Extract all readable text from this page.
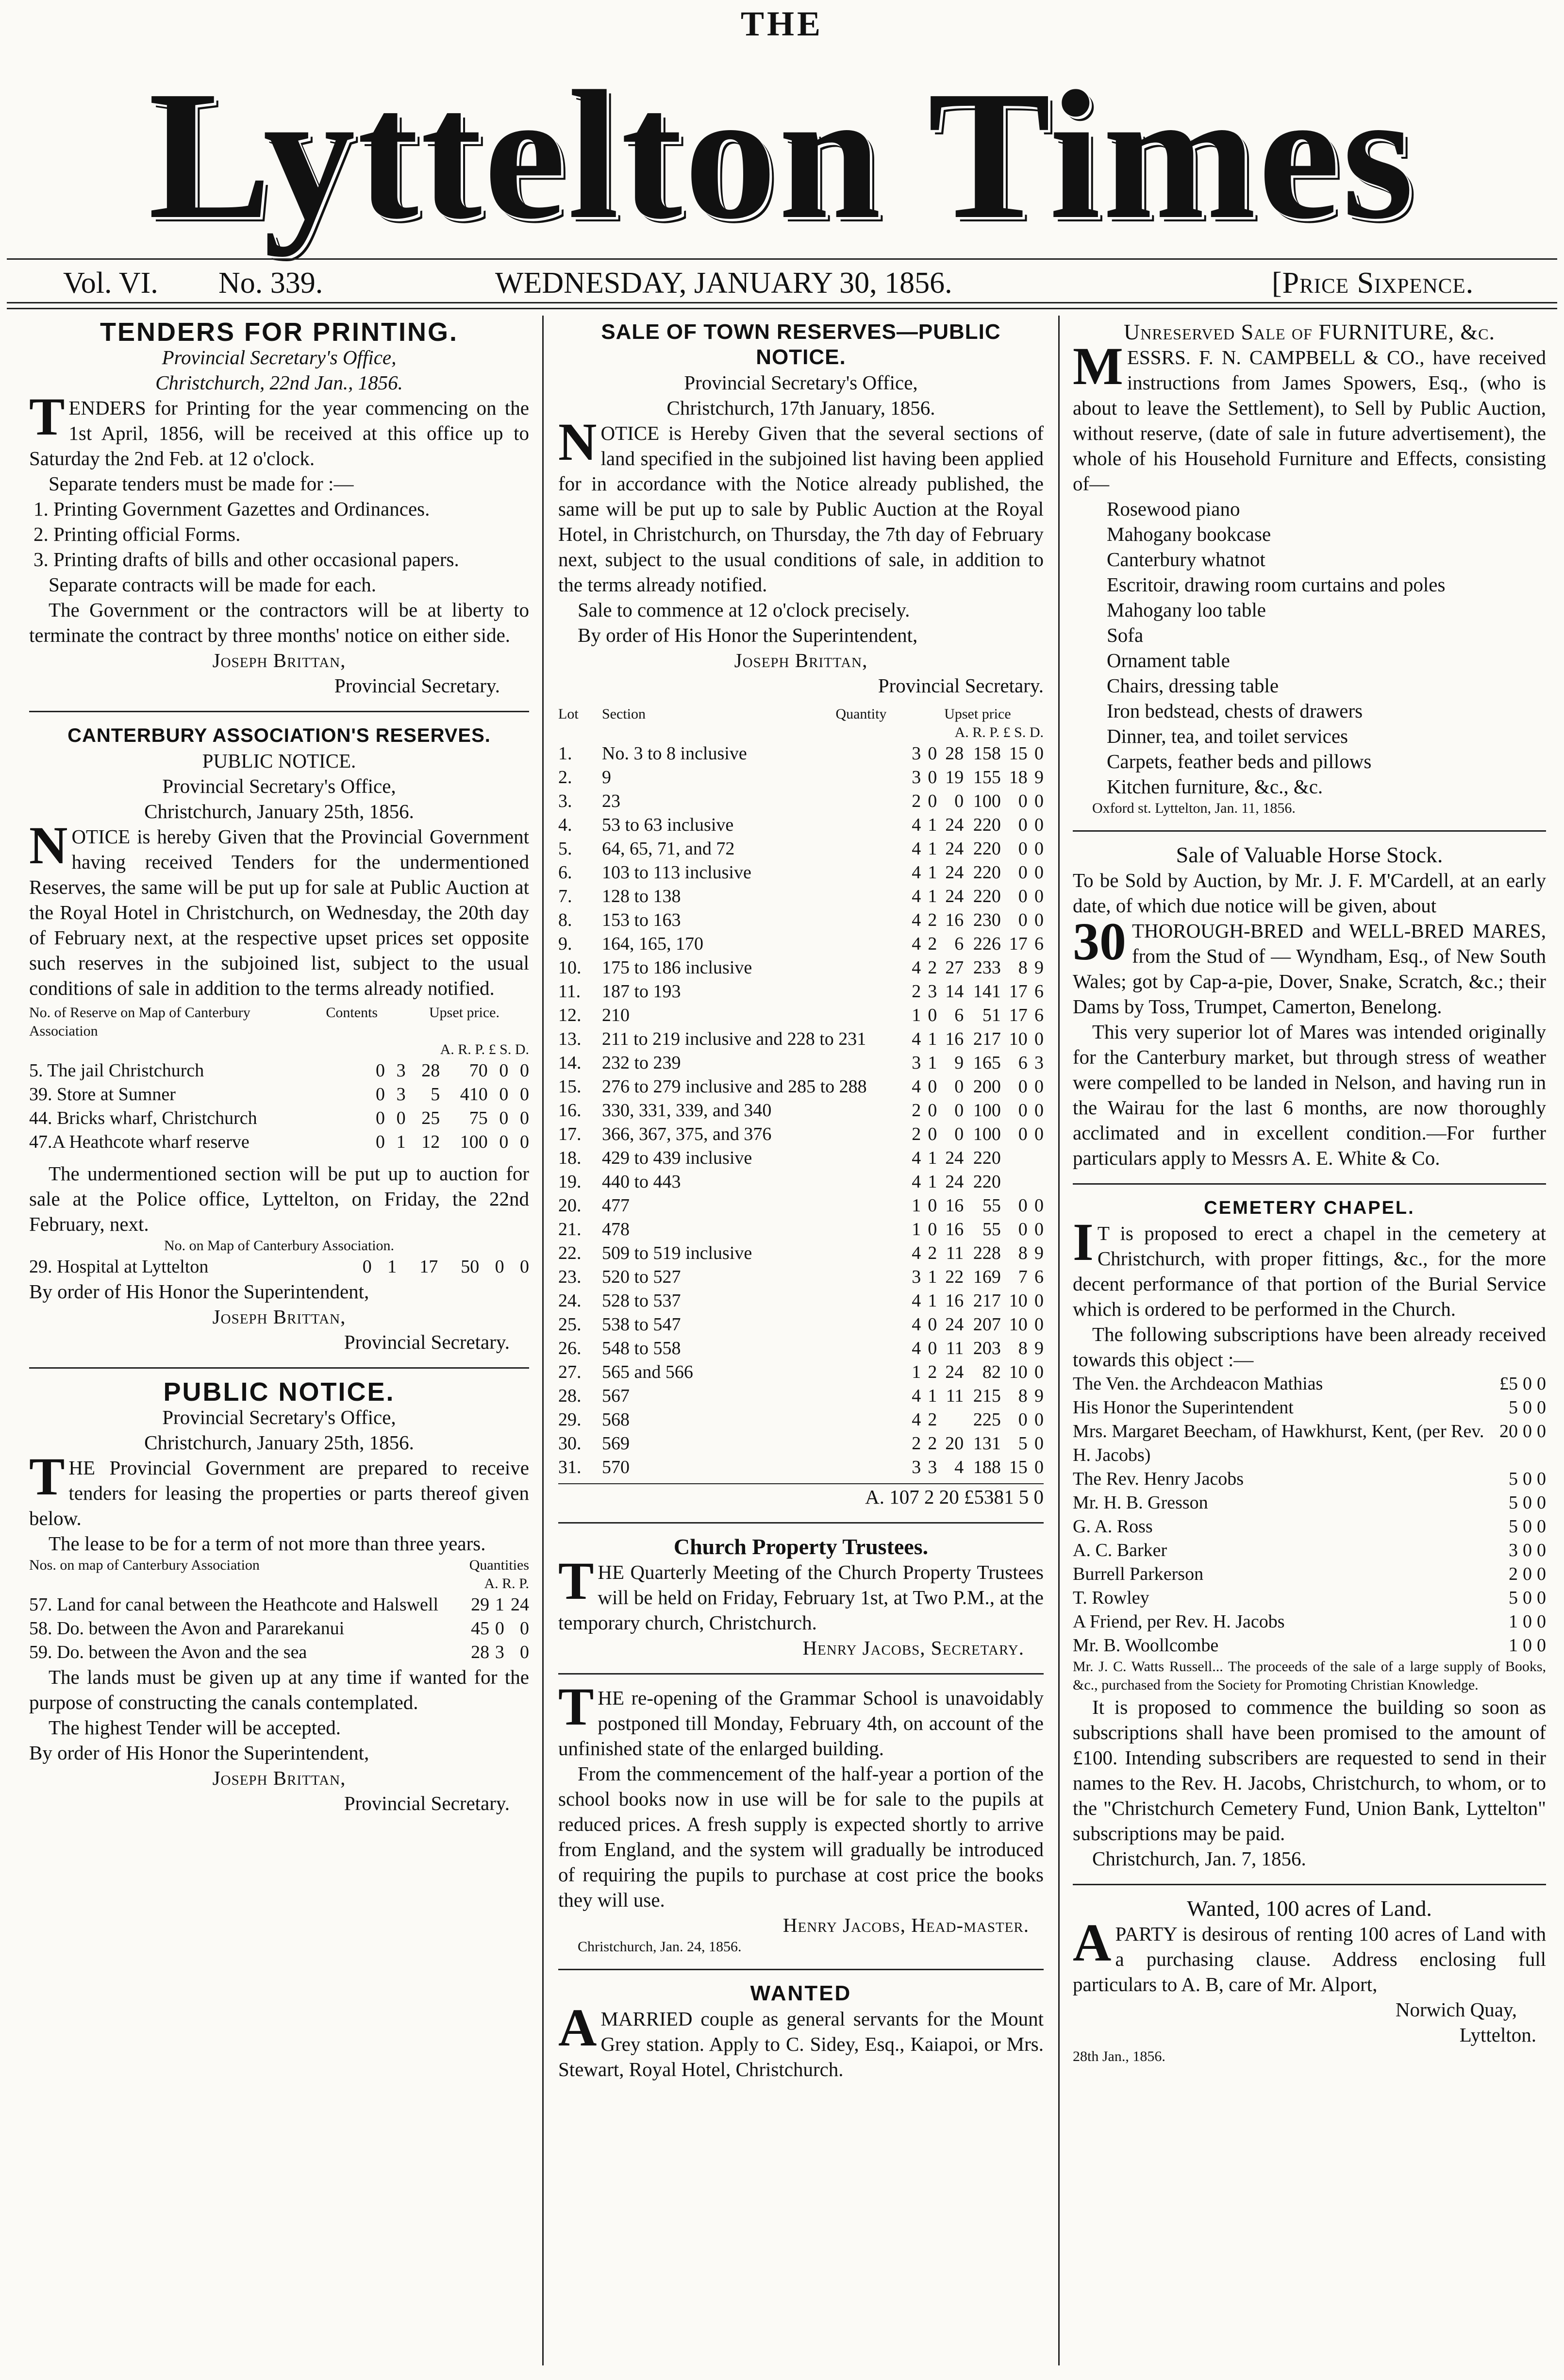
THE
Lyttelton Times
Vol. VI. No. 339.	WEDNESDAY, JANUARY 30, 1856.	[Price Sixpence.

TENDERS FOR PRINTING.

Provincial Secretary's Office,

Christchurch, 22nd Jan., 1856.

TENDERS for Printing for the year commencing on the 1st April, 1856, will be received at this office up to Saturday the 2nd Feb. at 12 o'clock.

Separate tenders must be made for :—

1. Printing Government Gazettes and Ordinances.
2. Printing official Forms.
3. Printing drafts of bills and other occasional papers.

Separate contracts will be made for each.

The Government or the contractors will be at liberty to terminate the contract by three months' notice on either side.

Joseph Brittan,

Provincial Secretary.

CANTERBURY ASSOCIATION'S RESERVES.

PUBLIC NOTICE.

Provincial Secretary's Office,

Christchurch, January 25th, 1856.

NOTICE is hereby Given that the Provincial Government having received Tenders for the undermentioned Reserves, the same will be put up for sale at Public Auction at the Royal Hotel in Christchurch, on Wednesday, the 20th day of February next, at the respective upset prices set opposite such reserves in the subjoined list, subject to the usual conditions of sale in addition to the terms already notified.

No. of Reserve on Map of Canterbury Association	Contents	Upset price.
	A. R. P. £ S. D.	
5. The jail Christchurch	0	3	28	70	0	0
39. Store at Sumner	0	3	5	410	0	0
44. Bricks wharf, Christchurch	0	0	25	75	0	0
47.A Heathcote wharf reserve	0	1	12	100	0	0

The undermentioned section will be put up to auction for sale at the Police office, Lyttelton, on Friday, the 22nd February, next.

No. on Map of Canterbury Association.

29. Hospital at Lyttelton	0	1	17	50	0	0

By order of His Honor the Superintendent,

Joseph Brittan,

Provincial Secretary.

PUBLIC NOTICE.

Provincial Secretary's Office,

Christchurch, January 25th, 1856.

THE Provincial Government are prepared to receive tenders for leasing the properties or parts thereof given below.

The lease to be for a term of not more than three years.

Nos. on map of Canterbury Association	Quantities
	A. R. P.
57. Land for canal between the Heathcote and Halswell	29	1	24
58. Do. between the Avon and Pararekanui	45	0	0
59. Do. between the Avon and the sea	28	3	0

The lands must be given up at any time if wanted for the purpose of constructing the canals contemplated.

The highest Tender will be accepted.

By order of His Honor the Superintendent,

Joseph Brittan,

Provincial Secretary.

SALE OF TOWN RESERVES—PUBLIC NOTICE.

Provincial Secretary's Office,

Christchurch, 17th January, 1856.

NOTICE is Hereby Given that the several sections of land specified in the subjoined list having been applied for in accordance with the Notice already published, the same will be put up to sale by Public Auction at the Royal Hotel, in Christchurch, on Thursday, the 7th day of February next, subject to the usual conditions of sale, in addition to the terms already notified.

Sale to commence at 12 o'clock precisely.

By order of His Honor the Superintendent,

Joseph Brittan,

Provincial Secretary.

Lot	Section	Quantity	Upset price
		A. R. P. £ S. D.	
1.	No. 3 to 8 inclusive	3	0	28	158	15	0
2.	9	3	0	19	155	18	9
3.	23	2	0	0	100	0	0
4.	53 to 63 inclusive	4	1	24	220	0	0
5.	64, 65, 71, and 72	4	1	24	220	0	0
6.	103 to 113 inclusive	4	1	24	220	0	0
7.	128 to 138	4	1	24	220	0	0
8.	153 to 163	4	2	16	230	0	0
9.	164, 165, 170	4	2	6	226	17	6
10.	175 to 186 inclusive	4	2	27	233	8	9
11.	187 to 193	2	3	14	141	17	6
12.	210	1	0	6	51	17	6
13.	211 to 219 inclusive and 228 to 231	4	1	16	217	10	0
14.	232 to 239	3	1	9	165	6	3
15.	276 to 279 inclusive and 285 to 288	4	0	0	200	0	0
16.	330, 331, 339, and 340	2	0	0	100	0	0
17.	366, 367, 375, and 376	2	0	0	100	0	0
18.	429 to 439 inclusive	4	1	24	220		
19.	440 to 443	4	1	24	220		
20.	477	1	0	16	55	0	0
21.	478	1	0	16	55	0	0
22.	509 to 519 inclusive	4	2	11	228	8	9
23.	520 to 527	3	1	22	169	7	6
24.	528 to 537	4	1	16	217	10	0
25.	538 to 547	4	0	24	207	10	0
26.	548 to 558	4	0	11	203	8	9
27.	565 and 566	1	2	24	82	10	0
28.	567	4	1	11	215	8	9
29.	568	4	2		225	0	0
30.	569	2	2	20	131	5	0
31.	570	3	3	4	188	15	0

A. 107 2 20 £5381 5 0

Church Property Trustees.

THE Quarterly Meeting of the Church Property Trustees will be held on Friday, February 1st, at Two P.M., at the temporary church, Christchurch.

Henry Jacobs, Secretary.

THE re-opening of the Grammar School is unavoidably postponed till Monday, February 4th, on account of the unfinished state of the enlarged building.

From the commencement of the half-year a portion of the school books now in use will be for sale to the pupils at reduced prices. A fresh supply is expected shortly to arrive from England, and the system will gradually be introduced of requiring the pupils to purchase at cost price the books they will use.

Henry Jacobs, Head-master.

Christchurch, Jan. 24, 1856.

WANTED

AMARRIED couple as general servants for the Mount Grey station. Apply to C. Sidey, Esq., Kaiapoi, or Mrs. Stewart, Royal Hotel, Christchurch.

Unreserved Sale of FURNITURE, &c.

MESSRS. F. N. CAMPBELL & CO., have received instructions from James Spowers, Esq., (who is about to leave the Settlement), to Sell by Public Auction, without reserve, (date of sale in future advertisement), the whole of his Household Furniture and Effects, consisting of—

Rosewood piano
Mahogany bookcase
Canterbury whatnot
Escritoir, drawing room curtains and poles
Mahogany loo table
Sofa
Ornament table
Chairs, dressing table
Iron bedstead, chests of drawers
Dinner, tea, and toilet services
Carpets, feather beds and pillows
Kitchen furniture, &c., &c.

Oxford st. Lyttelton, Jan. 11, 1856.

Sale of Valuable Horse Stock.

To be Sold by Auction, by Mr. J. F. M'Cardell, at an early date, of which due notice will be given, about

30 THOROUGH-BRED and WELL-BRED MARES, from the Stud of — Wyndham, Esq., of New South Wales; got by Cap-a-pie, Dover, Snake, Scratch, &c.; their Dams by Toss, Trumpet, Camerton, Benelong.

This very superior lot of Mares was intended originally for the Canterbury market, but through stress of weather were compelled to be landed in Nelson, and having run in the Wairau for the last 6 months, are now thoroughly acclimated and in excellent condition.—For further particulars apply to Messrs A. E. White & Co.

CEMETERY CHAPEL.

IT is proposed to erect a chapel in the cemetery at Christchurch, with proper fittings, &c., for the more decent performance of that portion of the Burial Service which is ordered to be performed in the Church.

The following subscriptions have been already received towards this object :—

The Ven. the Archdeacon Mathias	£5	0	0
His Honor the Superintendent	5	0	0
Mrs. Margaret Beecham, of Hawkhurst, Kent, (per Rev. H. Jacobs)	20	0	0
The Rev. Henry Jacobs	5	0	0
Mr. H. B. Gresson	5	0	0
G. A. Ross	5	0	0
A. C. Barker	3	0	0
Burrell Parkerson	2	0	0
T. Rowley	5	0	0
A Friend, per Rev. H. Jacobs	1	0	0
Mr. B. Woollcombe	1	0	0

Mr. J. C. Watts Russell... The proceeds of the sale of a large supply of Books, &c., purchased from the Society for Promoting Christian Knowledge.

It is proposed to commence the building so soon as subscriptions shall have been promised to the amount of £100. Intending subscribers are requested to send in their names to the Rev. H. Jacobs, Christchurch, to whom, or to the "Christchurch Cemetery Fund, Union Bank, Lyttelton" subscriptions may be paid.

Christchurch, Jan. 7, 1856.

Wanted, 100 acres of Land.

APARTY is desirous of renting 100 acres of Land with a purchasing clause. Address enclosing full particulars to A. B, care of Mr. Alport,

Norwich Quay,

Lyttelton.

28th Jan., 1856.
